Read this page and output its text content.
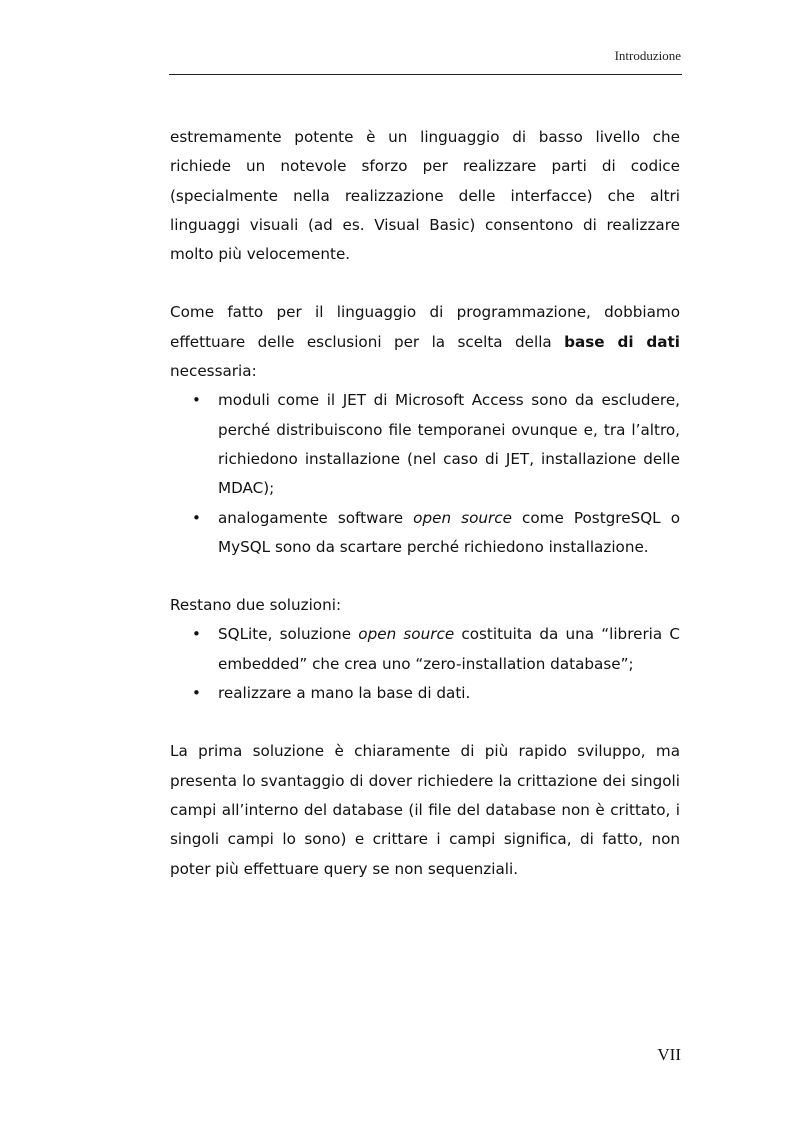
Introduzione

estremamente potente è un linguaggio di basso livello che richiede un notevole sforzo per realizzare parti di codice (specialmente nella realizzazione delle interfacce) che altri linguaggi visuali (ad es. Visual Basic) consentono di realizzare molto più velocemente.

Come fatto per il linguaggio di programmazione, dobbiamo effettuare delle esclusioni per la scelta della base di dati necessaria:

• moduli come il JET di Microsoft Access sono da escludere, perché distribuiscono file temporanei ovunque e, tra l’altro, richiedono installazione (nel caso di JET, installazione delle MDAC);
• analogamente software open source come PostgreSQL o MySQL sono da scartare perché richiedono installazione.

Restano due soluzioni:

• SQLite, soluzione open source costituita da una “libreria C embedded” che crea uno “zero-installation database”;
• realizzare a mano la base di dati.

La prima soluzione è chiaramente di più rapido sviluppo, ma presenta lo svantaggio di dover richiedere la crittazione dei singoli campi all’interno del database (il file del database non è crittato, i singoli campi lo sono) e crittare i campi significa, di fatto, non poter più effettuare query se non sequenziali.

VII
